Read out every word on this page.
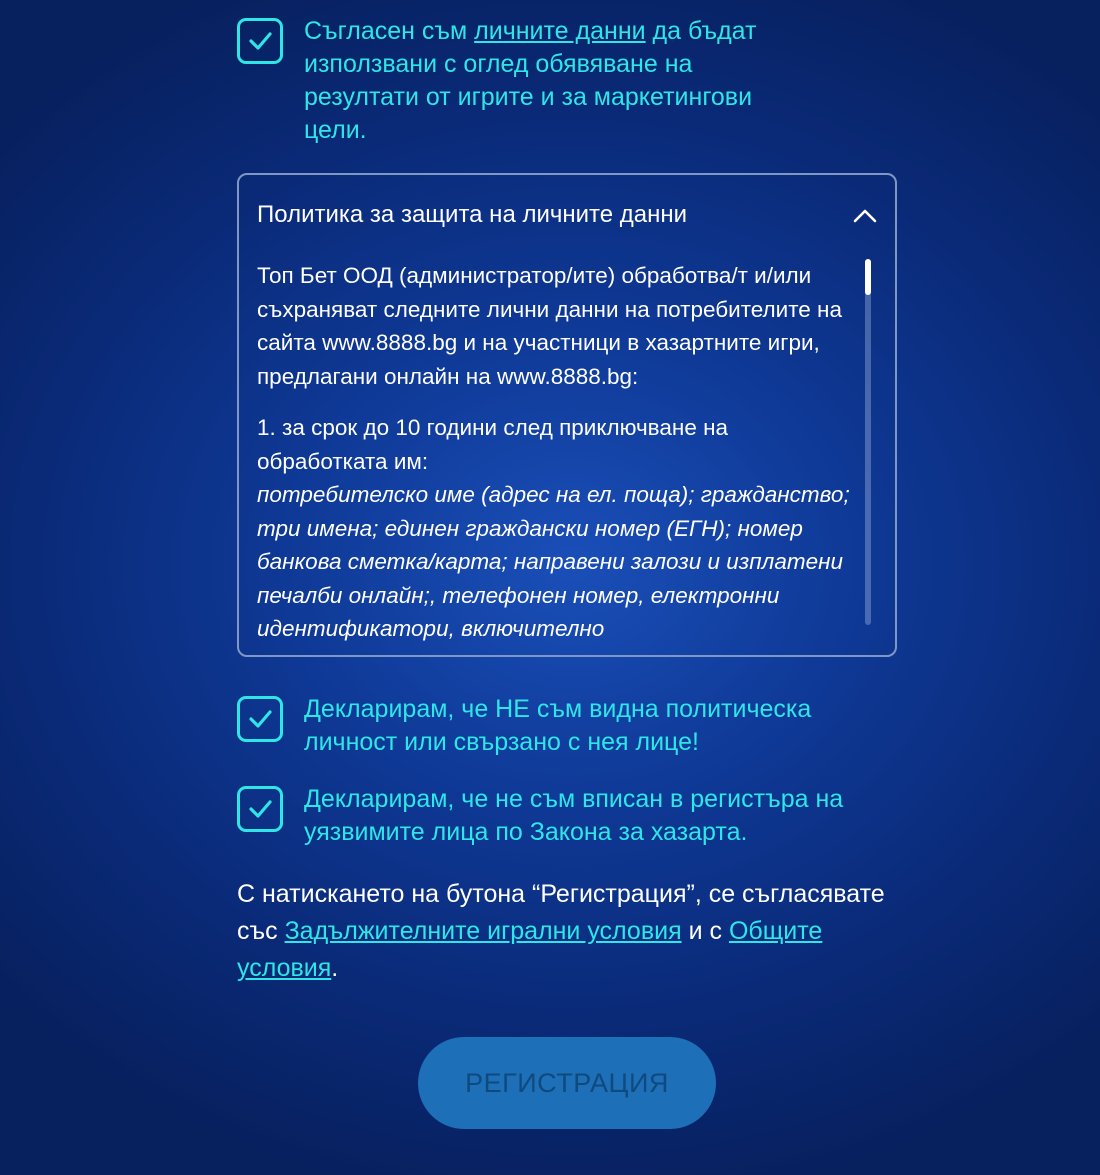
Съгласен съм личните данни да бъдат използвани с оглед обявяване на резултати от игрите и за маркетингови цели.
Политика за защита на личните данни

Топ Бет ООД (администратор/ите) обработва/т и/или съхраняват следните лични данни на потребителите на сайта www.8888.bg и на участници в хазартните игри, предлагани онлайн на www.8888.bg:

1. за срок до 10 години след приключване на обработката им:
потребителско име (адрес на ел. поща); гражданство; три имена; единен граждански номер (ЕГН); номер банкова сметка/карта; направени залози и изплатени печалби онлайн;, телефонен номер, електронни идентификатори, включително
Декларирам, че НЕ съм видна политическа личност или свързано с нея лице!
Декларирам, че не съм вписан в регистъра на уязвимите лица по Закона за хазарта.
С натискането на бутона “Регистрация”, се съгласявате със Задължителните игрални условия и с Общите условия.
РЕГИСТРАЦИЯ
